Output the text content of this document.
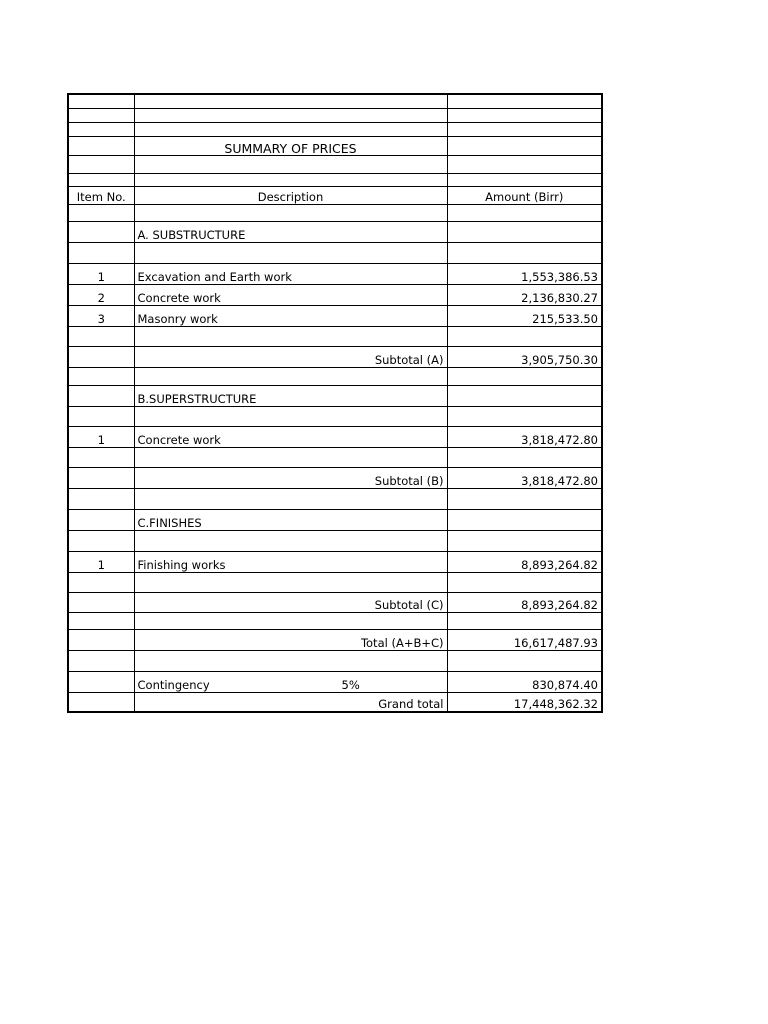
	SUMMARY OF PRICES	

Item No.	Description	Amount (Birr)

	A. SUBSTRUCTURE	

1	Excavation and Earth work	1,553,386.53
2	Concrete work	2,136,830.27
3	Masonry work	215,533.50

	Subtotal (A)	3,905,750.30

	B.SUPERSTRUCTURE	

1	Concrete work	3,818,472.80

	Subtotal (B)	3,818,472.80

	C.FINISHES	

1	Finishing works	8,893,264.82

	Subtotal (C)	8,893,264.82

	Total (A+B+C)	16,617,487.93

	Contingency 5%	830,874.40
	Grand total	17,448,362.32
